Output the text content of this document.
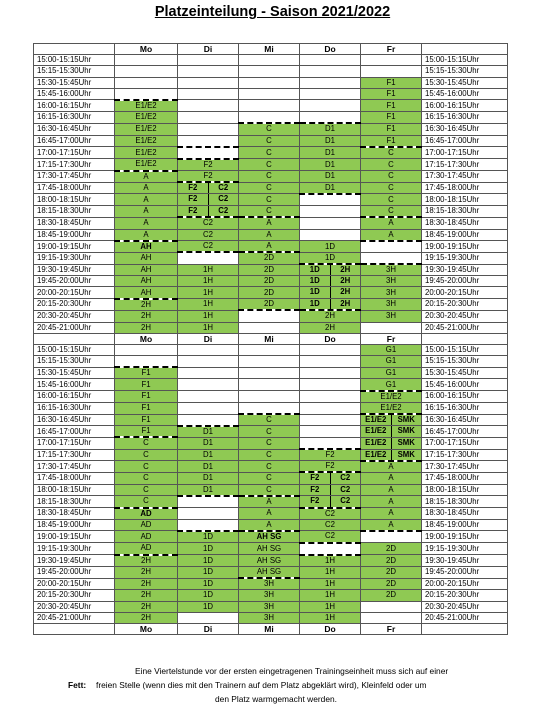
Platzeinteilung - Saison 2021/2022
	Mo	Di	Mi	Do	Fr	
15:00-15:15Uhr						15:00-15:15Uhr
15:15-15:30Uhr						15:15-15:30Uhr
15:30-15:45Uhr					F1	15:30-15:45Uhr
15:45-16:00Uhr					F1	15:45-16:00Uhr
16:00-16:15Uhr	E1/E2				F1	16:00-16:15Uhr
16:15-16:30Uhr	E1/E2				F1	16:15-16:30Uhr
16:30-16:45Uhr	E1/E2		C	D1	F1	16:30-16:45Uhr
16:45-17:00Uhr	E1/E2		C	D1	F1	16:45-17:00Uhr
17:00-17:15Uhr	E1/E2		C	D1	C	17:00-17:15Uhr
17:15-17:30Uhr	E1/E2	F2	C	D1	C	17:15-17:30Uhr
17:30-17:45Uhr	A	F2	C	D1	C	17:30-17:45Uhr
17:45-18:00Uhr	A	F2 C2	C	D1	C	17:45-18:00Uhr
18:00-18:15Uhr	A	F2 C2	C		C	18:00-18:15Uhr
18:15-18:30Uhr	A	F2 C2	C		C	18:15-18:30Uhr
18:30-18:45Uhr	A	C2	A		A	18:30-18:45Uhr
18:45-19:00Uhr	A	C2	A		A	18:45-19:00Uhr
19:00-19:15Uhr	AH	C2	A	1D		19:00-19:15Uhr
19:15-19:30Uhr	AH		2D	1D		19:15-19:30Uhr
19:30-19:45Uhr	AH	1H	2D	1D 2H	3H	19:30-19:45Uhr
19:45-20:00Uhr	AH	1H	2D	1D 2H	3H	19:45-20:00Uhr
20:00-20:15Uhr	AH	1H	2D	1D 2H	3H	20:00-20:15Uhr
20:15-20:30Uhr	2H	1H	2D	1D 2H	3H	20:15-20:30Uhr
20:30-20:45Uhr	2H	1H		2H	3H	20:30-20:45Uhr
20:45-21:00Uhr	2H	1H		2H		20:45-21:00Uhr
	Mo	Di	Mi	Do	Fr	
15:00-15:15Uhr					G1	15:00-15:15Uhr
15:15-15:30Uhr					G1	15:15-15:30Uhr
15:30-15:45Uhr	F1				G1	15:30-15:45Uhr
15:45-16:00Uhr	F1				G1	15:45-16:00Uhr
16:00-16:15Uhr	F1				E1/E2	16:00-16:15Uhr
16:15-16:30Uhr	F1				E1/E2	16:15-16:30Uhr
16:30-16:45Uhr	F1		C		E1/E2 SMK	16:30-16:45Uhr
16:45-17:00Uhr	F1	D1	C		E1/E2 SMK	16:45-17:00Uhr
17:00-17:15Uhr	C	D1	C		E1/E2 SMK	17:00-17:15Uhr
17:15-17:30Uhr	C	D1	C	F2	E1/E2 SMK	17:15-17:30Uhr
17:30-17:45Uhr	C	D1	C	F2	A	17:30-17:45Uhr
17:45-18:00Uhr	C	D1	C	F2 C2	A	17:45-18:00Uhr
18:00-18:15Uhr	C	D1	C	F2 C2	A	18:00-18:15Uhr
18:15-18:30Uhr	C		A	F2 C2	A	18:15-18:30Uhr
18:30-18:45Uhr	AD		A	C2	A	18:30-18:45Uhr
18:45-19:00Uhr	AD		A	C2	A	18:45-19:00Uhr
19:00-19:15Uhr	AD	1D	AH SG	C2		19:00-19:15Uhr
19:15-19:30Uhr	AD	1D	AH SG		2D	19:15-19:30Uhr
19:30-19:45Uhr	2H	1D	AH SG	1H	2D	19:30-19:45Uhr
19:45-20:00Uhr	2H	1D	AH SG	1H	2D	19:45-20:00Uhr
20:00-20:15Uhr	2H	1D	3H	1H	2D	20:00-20:15Uhr
20:15-20:30Uhr	2H	1D	3H	1H	2D	20:15-20:30Uhr
20:30-20:45Uhr	2H	1D	3H	1H		20:30-20:45Uhr
20:45-21:00Uhr	2H		3H	1H		20:45-21:00Uhr
	Mo	Di	Mi	Do	Fr	
Eine Viertelstunde vor der ersten eingetragenen Trainingseinheit muss sich auf einer
Fett: freien Stelle (wenn dies mit den Trainern auf dem Platz abgeklärt wird), Kleinfeld oder um
den Platz warmgemacht werden.
